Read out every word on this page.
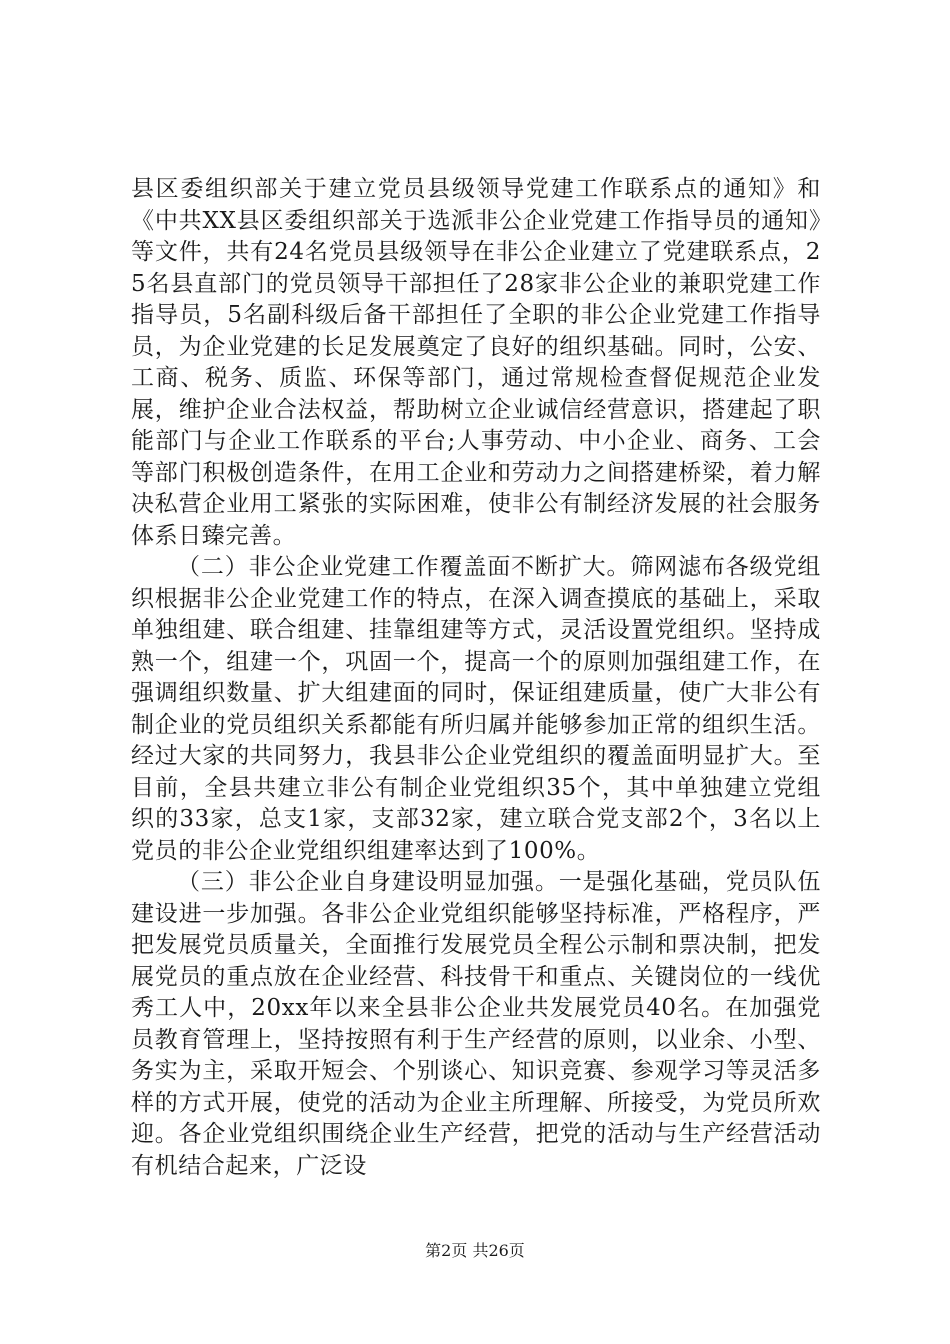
县区委组织部关于建立党员县级领导党建工作联系点的通知》和《中共XX县区委组织部关于选派非公企业党建工作指导员的通知》等文件，共有24名党员县级领导在非公企业建立了党建联系点，25名县直部门的党员领导干部担任了28家非公企业的兼职党建工作指导员，5名副科级后备干部担任了全职的非公企业党建工作指导员，为企业党建的长足发展奠定了良好的组织基础。同时，公安、工商、税务、质监、环保等部门，通过常规检查督促规范企业发展，维护企业合法权益，帮助树立企业诚信经营意识，搭建起了职能部门与企业工作联系的平台;人事劳动、中小企业、商务、工会等部门积极创造条件，在用工企业和劳动力之间搭建桥梁，着力解决私营企业用工紧张的实际困难，使非公有制经济发展的社会服务体系日臻完善。

（二）非公企业党建工作覆盖面不断扩大。筛网滤布各级党组织根据非公企业党建工作的特点，在深入调查摸底的基础上，采取单独组建、联合组建、挂靠组建等方式，灵活设置党组织。坚持成熟一个，组建一个，巩固一个，提高一个的原则加强组建工作，在强调组织数量、扩大组建面的同时，保证组建质量，使广大非公有制企业的党员组织关系都能有所归属并能够参加正常的组织生活。经过大家的共同努力，我县非公企业党组织的覆盖面明显扩大。至目前，全县共建立非公有制企业党组织35个，其中单独建立党组织的33家，总支1家，支部32家，建立联合党支部2个，3名以上党员的非公企业党组织组建率达到了100%。

（三）非公企业自身建设明显加强。一是强化基础，党员队伍建设进一步加强。各非公企业党组织能够坚持标准，严格程序，严把发展党员质量关，全面推行发展党员全程公示制和票决制，把发展党员的重点放在企业经营、科技骨干和重点、关键岗位的一线优秀工人中，20xx年以来全县非公企业共发展党员40名。在加强党员教育管理上，坚持按照有利于生产经营的原则，以业余、小型、务实为主，采取开短会、个别谈心、知识竞赛、参观学习等灵活多样的方式开展，使党的活动为企业主所理解、所接受，为党员所欢迎。各企业党组织围绕企业生产经营，把党的活动与生产经营活动有机结合起来，广泛设

第2页 共26页
